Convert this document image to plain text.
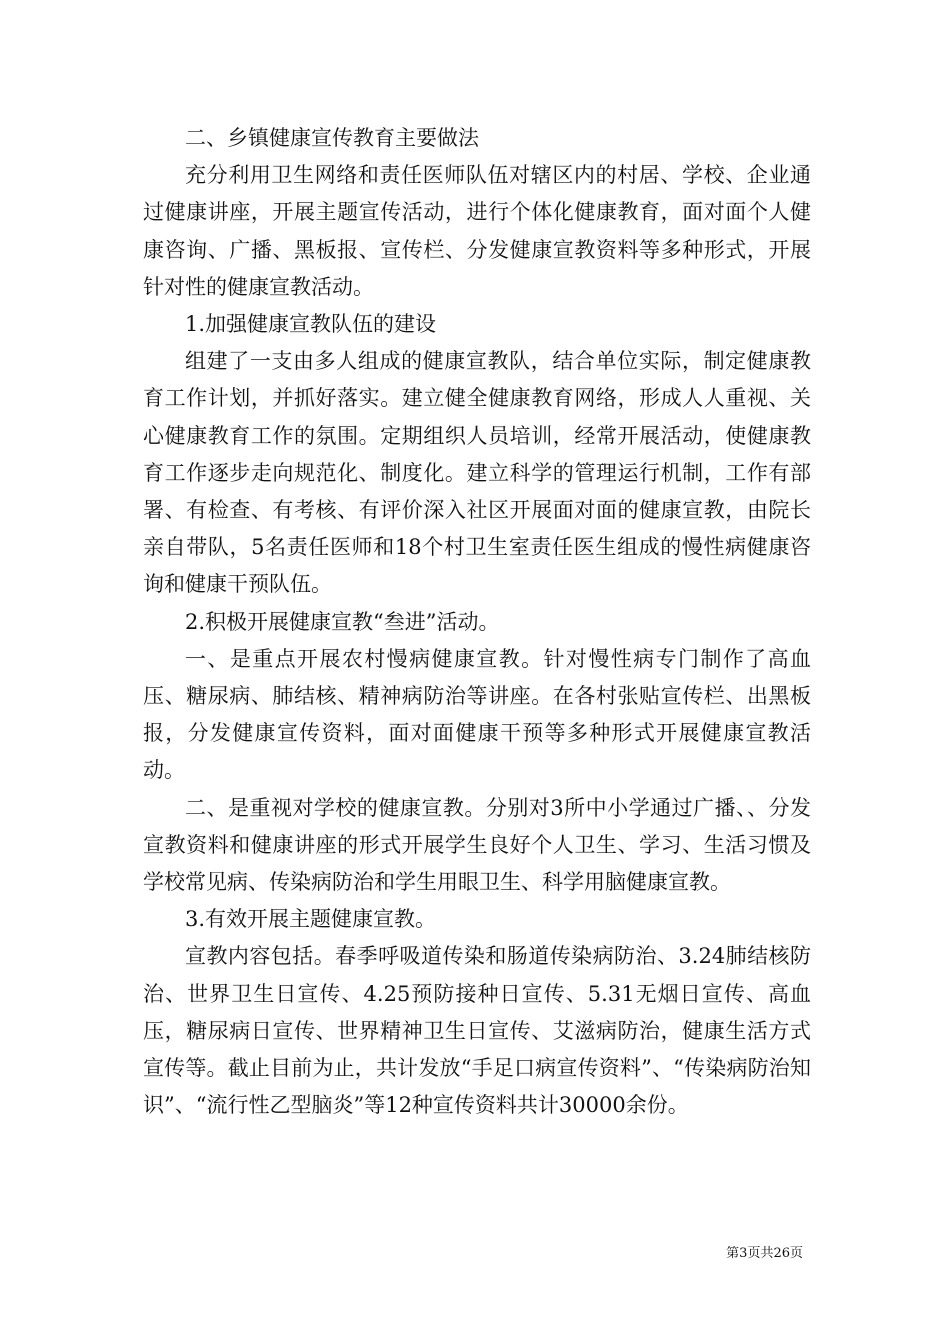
二、乡镇健康宣传教育主要做法

充分利用卫生网络和责任医师队伍对辖区内的村居、学校、企业通过健康讲座，开展主题宣传活动，进行个体化健康教育，面对面个人健康咨询、广播、黑板报、宣传栏、分发健康宣教资料等多种形式，开展针对性的健康宣教活动。

1.加强健康宣教队伍的建设

组建了一支由多人组成的健康宣教队，结合单位实际，制定健康教育工作计划，并抓好落实。建立健全健康教育网络，形成人人重视、关心健康教育工作的氛围。定期组织人员培训，经常开展活动，使健康教育工作逐步走向规范化、制度化。建立科学的管理运行机制，工作有部署、有检查、有考核、有评价深入社区开展面对面的健康宣教，由院长亲自带队，5名责任医师和18个村卫生室责任医生组成的慢性病健康咨询和健康干预队伍。

2.积极开展健康宣教“叁进”活动。

一、是重点开展农村慢病健康宣教。针对慢性病专门制作了高血压、糖尿病、肺结核、精神病防治等讲座。在各村张贴宣传栏、出黑板报，分发健康宣传资料，面对面健康干预等多种形式开展健康宣教活动。

二、是重视对学校的健康宣教。分别对3所中小学通过广播、、分发宣教资料和健康讲座的形式开展学生良好个人卫生、学习、生活习惯及学校常见病、传染病防治和学生用眼卫生、科学用脑健康宣教。

3.有效开展主题健康宣教。

宣教内容包括。春季呼吸道传染和肠道传染病防治、3.24肺结核防治、世界卫生日宣传、4.25预防接种日宣传、5.31无烟日宣传、高血压，糖尿病日宣传、世界精神卫生日宣传、艾滋病防治，健康生活方式宣传等。截止目前为止，共计发放“手足口病宣传资料”、“传染病防治知识”、“流行性乙型脑炎”等12种宣传资料共计30000余份。

第3页共26页
